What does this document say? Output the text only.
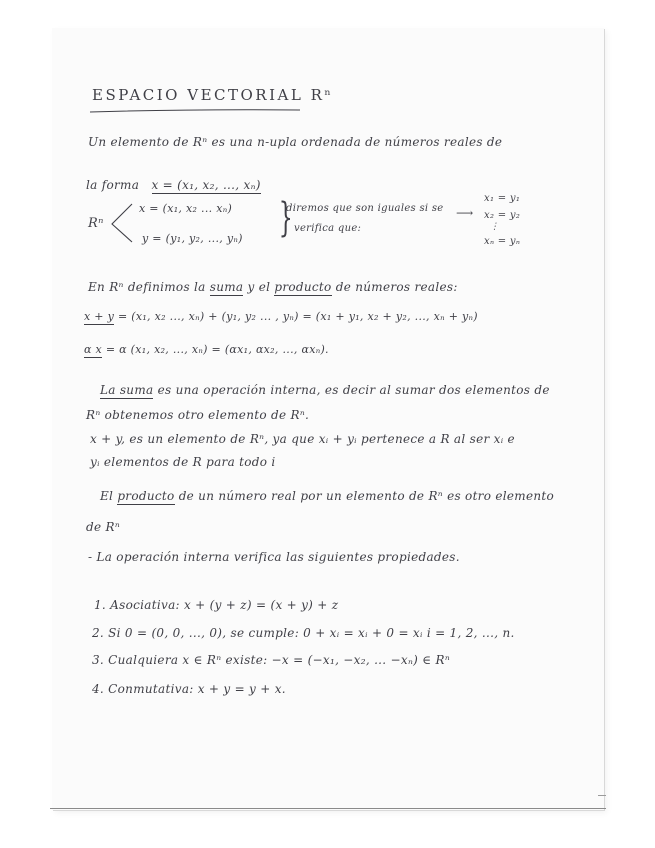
ESPACIO VECTORIAL Rⁿ
Un elemento de Rⁿ es una n-upla ordenada de números reales de
la forma x = (x₁, x₂, ..., xₙ)
Rⁿ
x = (x₁, x₂ ... xₙ)
y = (y₁, y₂, ..., yₙ) }
diremos que son iguales si se
verifica que:
⟶
x₁ = y₁
x₂ = y₂
⋮
xₙ = yₙ
En Rⁿ definimos la suma y el producto de números reales:
x + y = (x₁, x₂ ..., xₙ) + (y₁, y₂ ... , yₙ) = (x₁ + y₁, x₂ + y₂, ..., xₙ + yₙ)
α x = α (x₁, x₂, ..., xₙ) = (αx₁, αx₂, ..., αxₙ).
La suma es una operación interna, es decir al sumar dos elementos de
Rⁿ obtenemos otro elemento de Rⁿ.
x + y, es un elemento de Rⁿ, ya que xᵢ + yᵢ pertenece a R al ser xᵢ e
yᵢ elementos de R para todo i
El producto de un número real por un elemento de Rⁿ es otro elemento
de Rⁿ
- La operación interna verifica las siguientes propiedades.
1. Asociativa: x + (y + z) = (x + y) + z
2. Si 0 = (0, 0, ..., 0), se cumple: 0 + xᵢ = xᵢ + 0 = xᵢ i = 1, 2, ..., n.
3. Cualquiera x ∈ Rⁿ existe: −x = (−x₁, −x₂, ... −xₙ) ∈ Rⁿ
4. Conmutativa: x + y = y + x.
